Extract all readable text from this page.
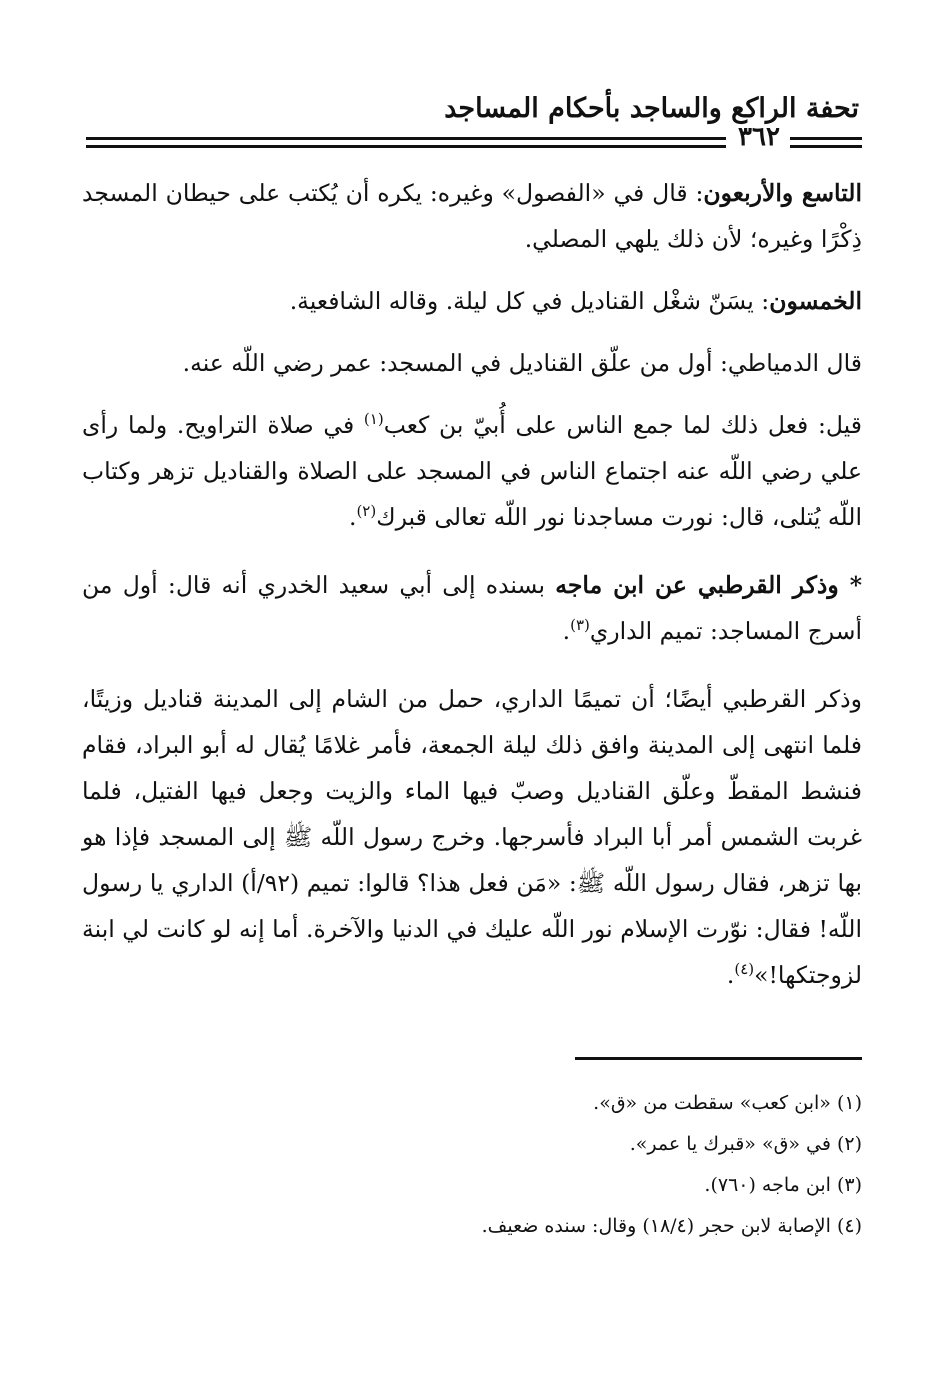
تحفة الراكع والساجد بأحكام المساجد
٣٦٢

التاسع والأربعون: قال في «الفصول» وغيره: يكره أن يُكتب على حيطان المسجد ذِكْرًا وغيره؛ لأن ذلك يلهي المصلي.

الخمسون: يسَنّ شغْل القناديل في كل ليلة. وقاله الشافعية.

قال الدمياطي: أول من علّق القناديل في المسجد: عمر رضي اللّه عنه.

قيل: فعل ذلك لما جمع الناس على أُبيّ بن كعب$^{(١)}$ في صلاة التراويح. ولما رأى علي رضي اللّه عنه اجتماع الناس في المسجد على الصلاة والقناديل تزهر وكتاب اللّه يُتلى، قال: نورت مساجدنا نور اللّه تعالى قبرك$^{(٢)}$.

* وذكر القرطبي عن ابن ماجه بسنده إلى أبي سعيد الخدري أنه قال: أول من أسرج المساجد: تميم الداري$^{(٣)}$.

وذكر القرطبي أيضًا؛ أن تميمًا الداري، حمل من الشام إلى المدينة قناديل وزيتًا، فلما انتهى إلى المدينة وافق ذلك ليلة الجمعة، فأمر غلامًا يُقال له أبو البراد، فقام فنشط المقطّ وعلّق القناديل وصبّ فيها الماء والزيت وجعل فيها الفتيل، فلما غربت الشمس أمر أبا البراد فأسرجها. وخرج رسول اللّه ﷺ إلى المسجد فإذا هو بها تزهر، فقال رسول اللّه ﷺ: «مَن فعل هذا؟ قالوا: تميم (٩٢/أ) الداري يا رسول اللّه! فقال: نوّرت الإسلام نور اللّه عليك في الدنيا والآخرة. أما إنه لو كانت لي ابنة لزوجتكها!»$^{(٤)}$.

(١) «ابن كعب» سقطت من «ق».
(٢) في «ق» «قبرك يا عمر».
(٣) ابن ماجه (٧٦٠).
(٤) الإصابة لابن حجر (١٨/٤) وقال: سنده ضعيف.
